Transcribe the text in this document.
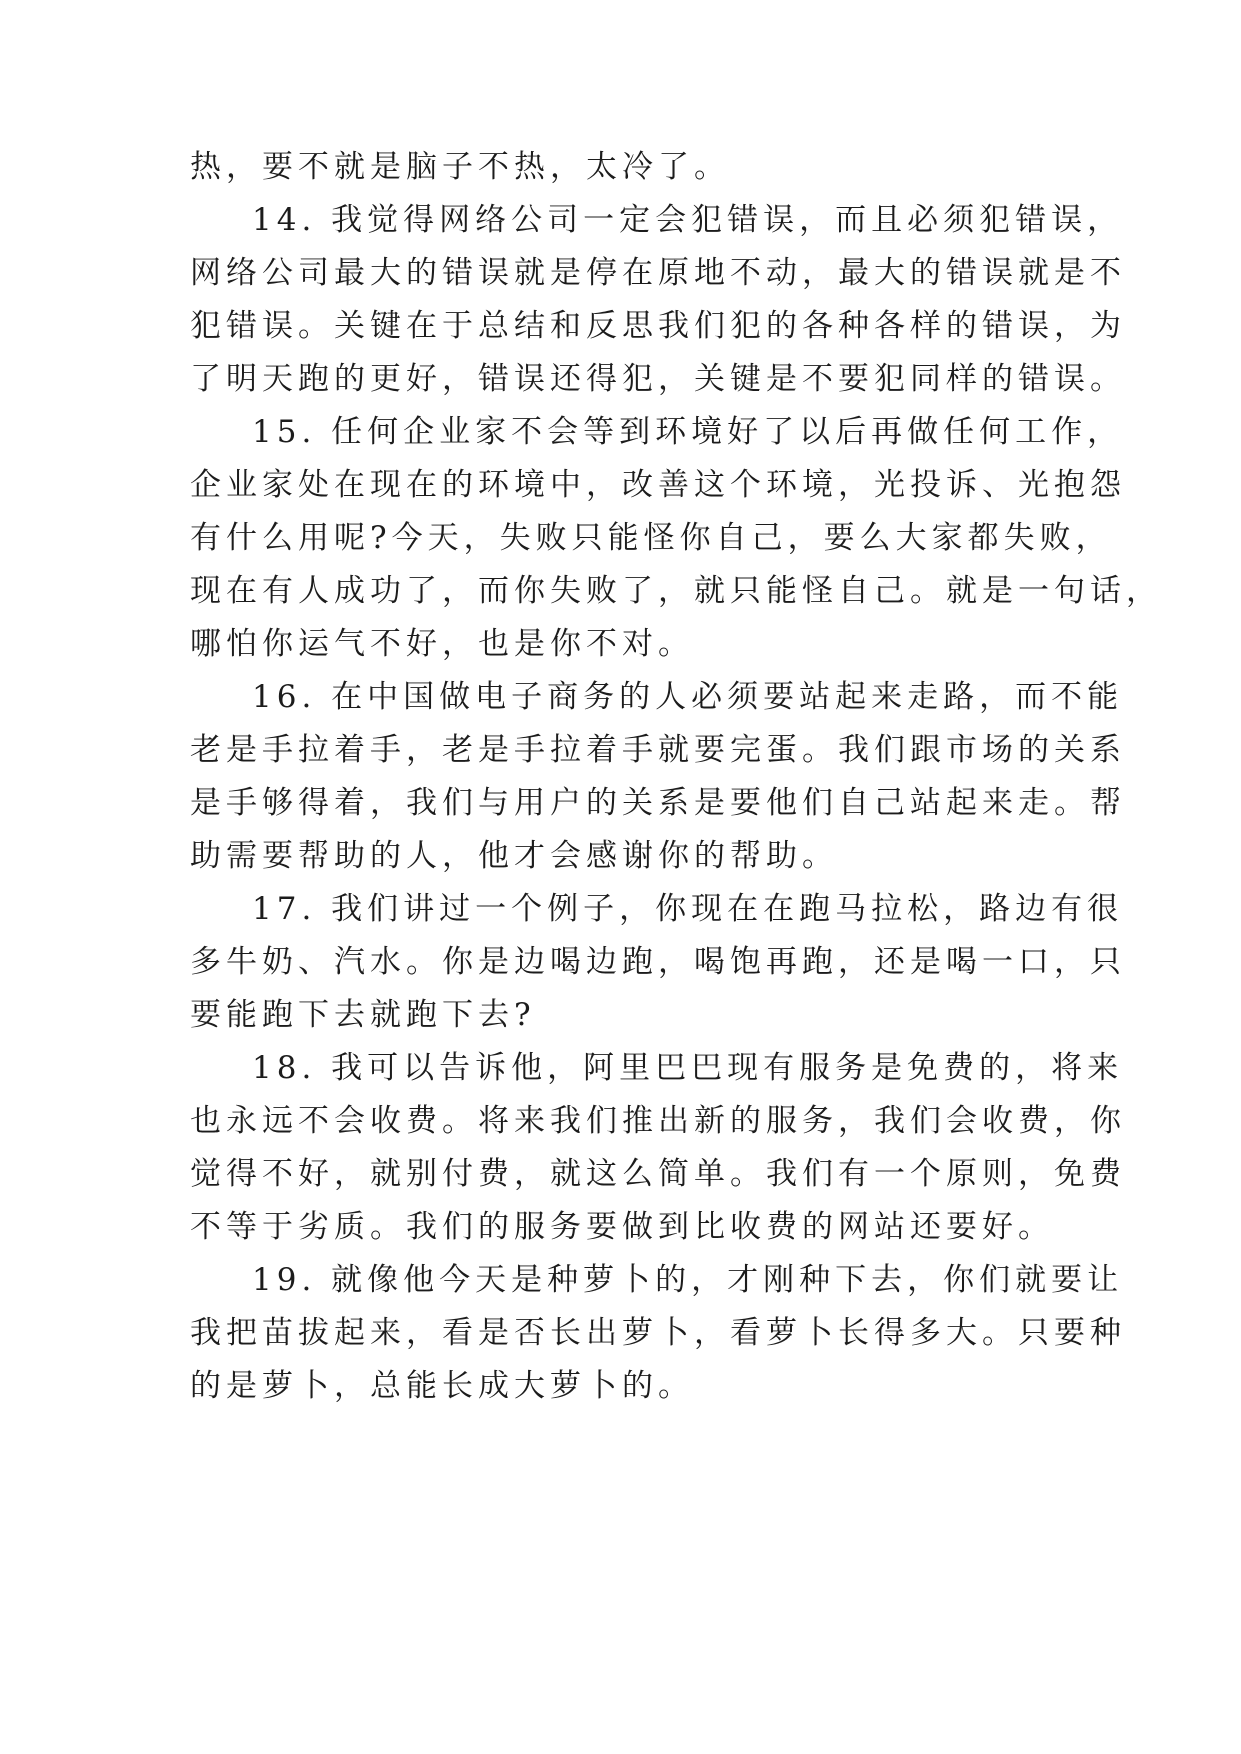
热，要不就是脑子不热，太冷了。
14. 我觉得网络公司一定会犯错误，而且必须犯错误，
网络公司最大的错误就是停在原地不动，最大的错误就是不
犯错误。关键在于总结和反思我们犯的各种各样的错误，为
了明天跑的更好，错误还得犯，关键是不要犯同样的错误。
15. 任何企业家不会等到环境好了以后再做任何工作，
企业家处在现在的环境中，改善这个环境，光投诉、光抱怨
有什么用呢?今天，失败只能怪你自己，要么大家都失败，
现在有人成功了，而你失败了，就只能怪自己。就是一句话，
哪怕你运气不好，也是你不对。
16. 在中国做电子商务的人必须要站起来走路，而不能
老是手拉着手，老是手拉着手就要完蛋。我们跟市场的关系
是手够得着，我们与用户的关系是要他们自己站起来走。帮
助需要帮助的人，他才会感谢你的帮助。
17. 我们讲过一个例子，你现在在跑马拉松，路边有很
多牛奶、汽水。你是边喝边跑，喝饱再跑，还是喝一口，只
要能跑下去就跑下去?
18. 我可以告诉他，阿里巴巴现有服务是免费的，将来
也永远不会收费。将来我们推出新的服务，我们会收费，你
觉得不好，就别付费，就这么简单。我们有一个原则，免费
不等于劣质。我们的服务要做到比收费的网站还要好。
19. 就像他今天是种萝卜的，才刚种下去，你们就要让
我把苗拔起来，看是否长出萝卜，看萝卜长得多大。只要种
的是萝卜，总能长成大萝卜的。
